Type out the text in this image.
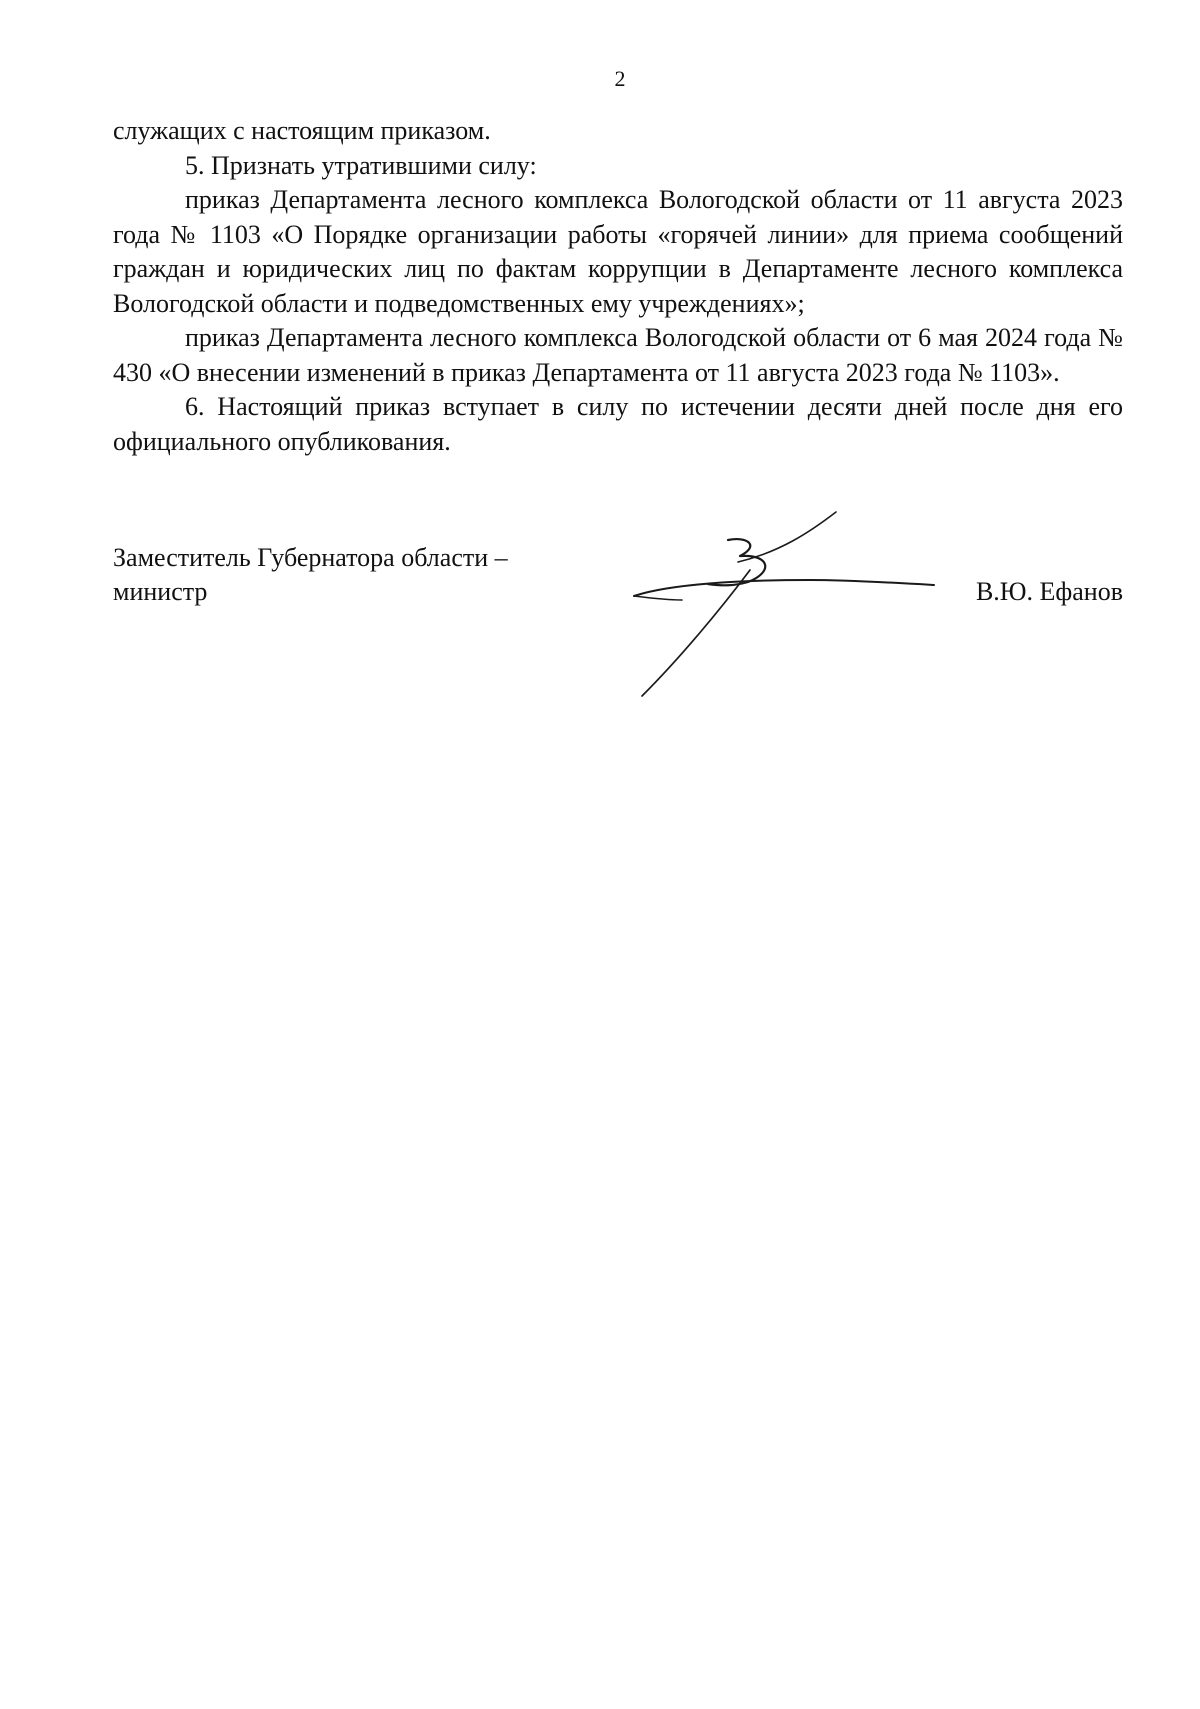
2

служащих с настоящим приказом.

5. Признать утратившими силу:

приказ Департамента лесного комплекса Вологодской области от 11 августа 2023 года № 1103 «О Порядке организации работы «горячей линии» для приема сообщений граждан и юридических лиц по фактам коррупции в Департаменте лесного комплекса Вологодской области и подведомственных ему учреждениях»;

приказ Департамента лесного комплекса Вологодской области от 6 мая 2024 года № 430 «О внесении изменений в приказ Департамента от 11 августа 2023 года № 1103».

6. Настоящий приказ вступает в силу по истечении десяти дней после дня его официального опубликования.

Заместитель Губернатора области –
министр	В.Ю. Ефанов
